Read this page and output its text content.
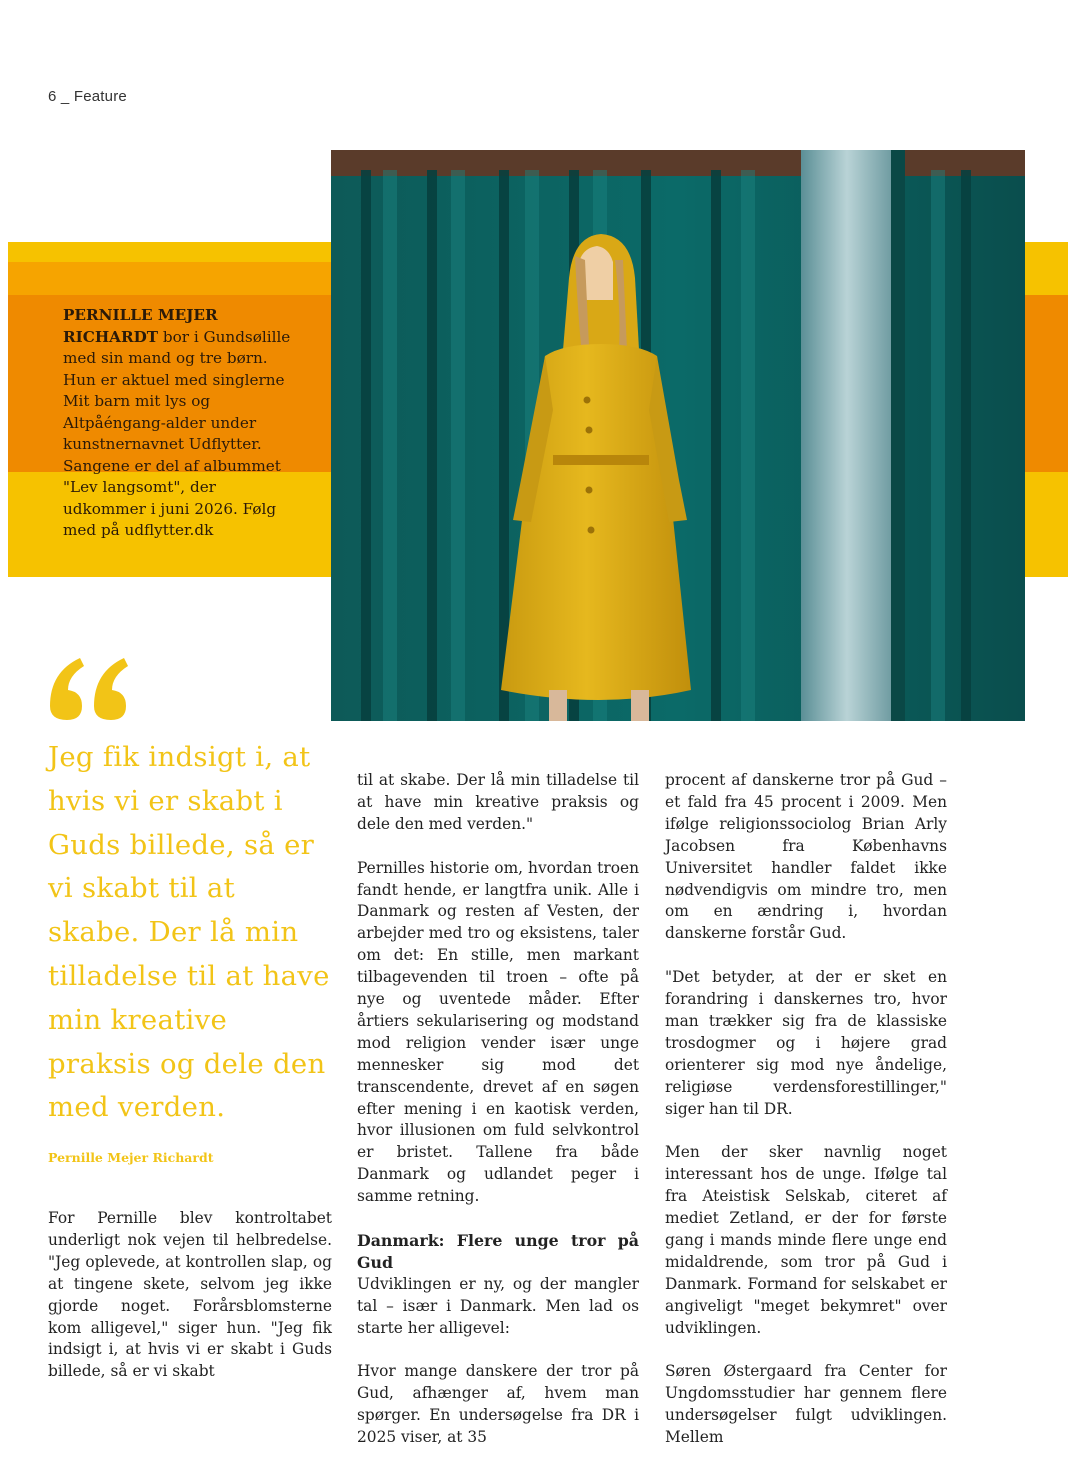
6 _ Feature
PERNILLE MEJER RICHARDT bor i Gundsølille med sin mand og tre børn. Hun er aktuel med singlerne Mit barn mit lys og Altpåéngang-alder under kunstnernavnet Udflytter. Sangene er del af albummet "Lev langsomt", der udkommer i juni 2026. Følg med på udflytter.dk
Jeg fik indsigt i, at hvis vi er skabt i Guds billede, så er vi skabt til at skabe. Der lå min tilladelse til at have min kreative praksis og dele den med verden.
Pernille Mejer Richardt

For Pernille blev kontroltabet underligt nok vejen til helbredelse. "Jeg oplevede, at kontrollen slap, og at tingene skete, selvom jeg ikke gjorde noget. Forårsblomsterne kom alligevel," siger hun. "Jeg fik indsigt i, at hvis vi er skabt i Guds billede, så er vi skabt

til at skabe. Der lå min tilladelse til at have min kreative praksis og dele den med verden."

Pernilles historie om, hvordan troen fandt hende, er langtfra unik. Alle i Danmark og resten af Vesten, der arbejder med tro og eksistens, taler om det: En stille, men markant tilbagevenden til troen – ofte på nye og uventede måder. Efter årtiers sekularisering og modstand mod religion vender især unge mennesker sig mod det transcendente, drevet af en søgen efter mening i en kaotisk verden, hvor illusionen om fuld selvkontrol er bristet. Tallene fra både Danmark og udlandet peger i samme retning.

Danmark: Flere unge tror på Gud

Udviklingen er ny, og der mangler tal – især i Danmark. Men lad os starte her alligevel:

Hvor mange danskere der tror på Gud, afhænger af, hvem man spørger. En undersøgelse fra DR i 2025 viser, at 35

procent af danskerne tror på Gud – et fald fra 45 procent i 2009. Men ifølge religionssociolog Brian Arly Jacobsen fra Københavns Universitet handler faldet ikke nødvendigvis om mindre tro, men om en ændring i, hvordan danskerne forstår Gud.

"Det betyder, at der er sket en forandring i danskernes tro, hvor man trækker sig fra de klassiske trosdogmer og i højere grad orienterer sig mod nye åndelige, religiøse verdensforestillinger," siger han til DR.

Men der sker navnlig noget interessant hos de unge. Ifølge tal fra Ateistisk Selskab, citeret af mediet Zetland, er der for første gang i mands minde flere unge end midaldrende, som tror på Gud i Danmark. Formand for selskabet er angiveligt "meget bekymret" over udviklingen.

Søren Østergaard fra Center for Ungdomsstudier har gennem flere undersøgelser fulgt udviklingen. Mellem
